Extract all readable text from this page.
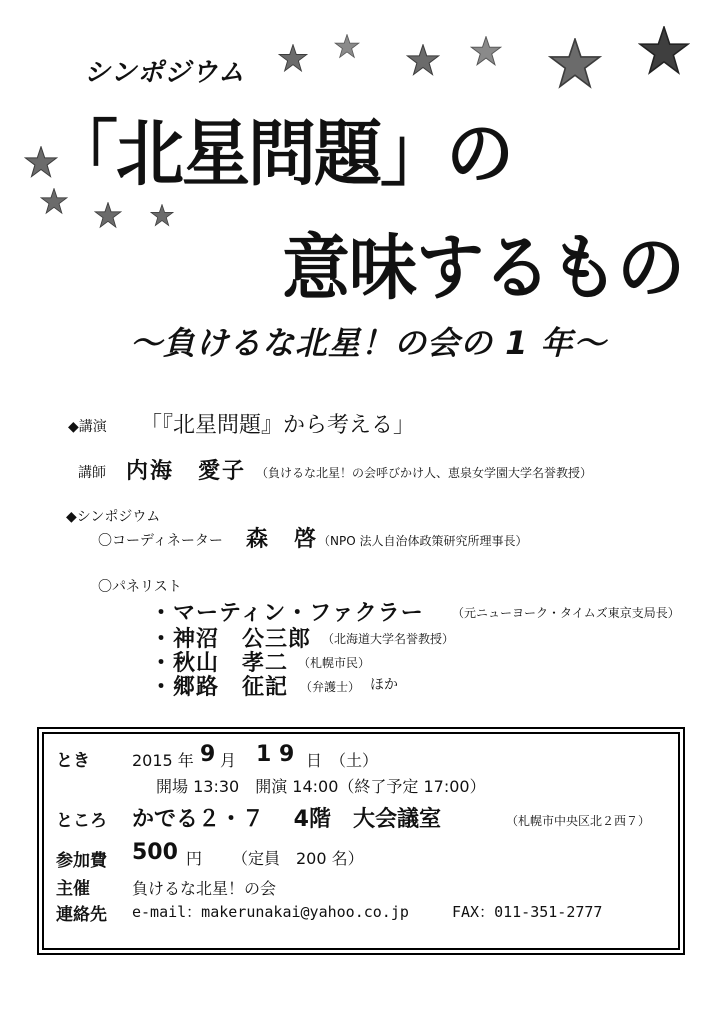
シンポジウム
「北星問題」の
意味するもの
〜負けるな北星！の会の 1 年〜
◆講演 「『北星問題』から考える」
講師 内海　愛子 （負けるな北星！の会呼びかけ人、恵泉女学園大学名誉教授）
◆シンポジウム
〇コーディネーター 森　啓 （NPO 法人自治体政策研究所理事長）
〇パネリスト
・マーティン・ファクラー （元ニューヨーク・タイムズ東京支局長）
・神沼　公三郎 （北海道大学名誉教授）
・秋山　孝二 （札幌市民）
・郷路　征記 （弁護士） ほか
とき	2015 年 9 月 1 9 日 （土）
開場 13:30　開演 14:00（終了予定 17:00）
ところ かでる２・７　 4階　大会議室	（札幌市中央区北２西７）
参加費 500 円 （定員　200 名）
主催	負けるな北星！の会
連絡先 e-mail：makerunakai@yahoo.co.jp	FAX：011-351-2777
